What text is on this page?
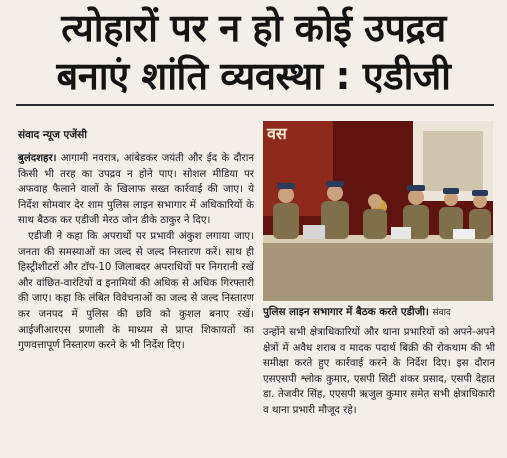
त्योहारों पर न हो कोई उपद्रव
बनाएं शांति व्यवस्था : एडीजी
संवाद न्यूज एजेंसी

बुलंदशहर। आगामी नवरात्र, आंबेडकर जयंती और ईद के दौरान किसी भी तरह का उपद्रव न होने पाए। सोशल मीडिया पर अफवाह फैलाने वालों के खिलाफ सख्त कार्रवाई की जाए। ये निर्देश सोमवार देर शाम पुलिस लाइन सभागार में अधिकारियों के साथ बैठक कर एडीजी मेरठ जोन डीके ठाकुर ने दिए।

एडीजी ने कहा कि अपराधों पर प्रभावी अंकुश लगाया जाए। जनता की समस्याओं का जल्द से जल्द निस्तारण करें। साथ ही हिस्ट्रीशीटरों और टॉप-10 जिलाबदर अपराधियों पर निगरानी रखें और वांछित-वारंटियों व इनामियों की अधिक से अधिक गिरफ्तारी की जाए। कहा कि लंबित विवेचनाओं का जल्द से जल्द निस्तारण कर जनपद में पुलिस की छवि को कुशल बनाए रखें। आईजीआरएस प्रणाली के माध्यम से प्राप्त शिकायतों का गुणवत्तापूर्ण निस्तारण करने के भी निर्देश दिए।

वस
पुलिस लाइन सभागार में बैठक करते एडीजी। संवाद

उन्होंने सभी क्षेत्राधिकारियों और थाना प्रभारियों को अपने-अपने क्षेत्रों में अवैध शराब व मादक पदार्थ बिक्री की रोकथाम की भी समीक्षा करते हुए कार्रवाई करने के निर्देश दिए। इस दौरान एसएसपी श्लोक कुमार, एसपी सिटी शंकर प्रसाद, एसपी देहात डा. तेजवीर सिंह, एएसपी ऋजुल कुमार समेत सभी क्षेत्राधिकारी व थाना प्रभारी मौजूद रहे।
